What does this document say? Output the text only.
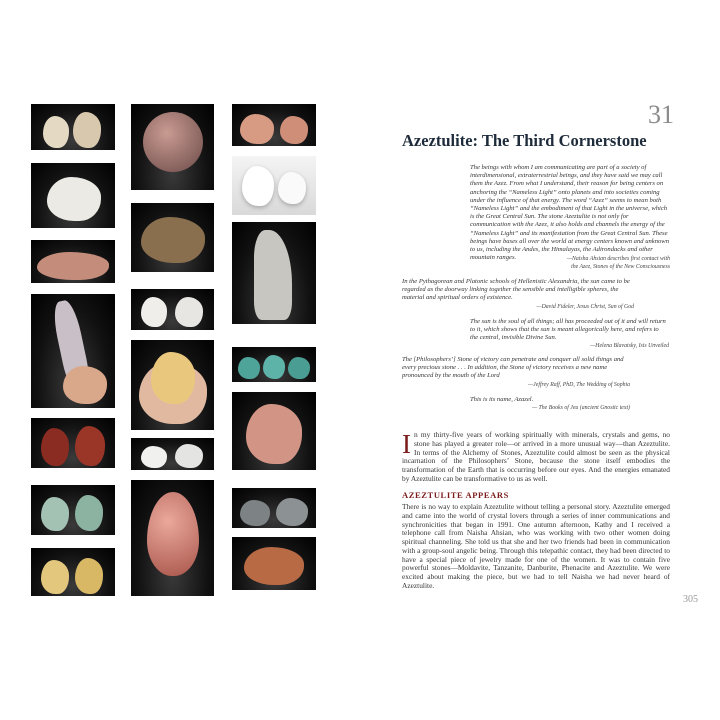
31
Azeztulite: The Third Cornerstone
The beings with whom I am communicating are part of a society of interdimensional, extraterrestrial beings, and they have said we may call them the Azez. From what I understand, their reason for being centers on anchoring the “Nameless Light” onto planets and into societies coming under the influence of that energy. The word “Azez” seems to mean both “Nameless Light” and the embodiment of that Light in the universe, which is the Great Central Sun. The stone Azeztulite is not only for communication with the Azez, it also holds and channels the energy of the “Nameless Light” and its manifestation from the Great Central Sun. These beings have bases all over the world at energy centers known and unknown to us, including the Andes, the Himalayas, the Adirondacks and other mountain ranges.	—Naisha Ahsian describes first contact with
the Azez, Stones of the New Consciousness
In the Pythagorean and Platonic schools of Hellenistic Alexandria, the sun came to be regarded as the doorway linking together the sensible and intelligible spheres, the material and spiritual orders of existence.
—David Fideler, Jesus Christ, Sun of God
The sun is the soul of all things; all has proceeded out of it and will return to it, which shows that the sun is meant allegorically here, and refers to the central, invisible Divine Sun.
—Helena Blavatsky, Isis Unveiled
The [Philosophers’] Stone of victory can penetrate and conquer all solid things and every precious stone . . . In addition, the Stone of victory receives a new name pronounced by the mouth of the Lord
—Jeffrey Raff, PhD, The Wedding of Sophia
This is its name, Azazel.
— The Books of Jeu (ancient Gnostic text)
In my thirty-five years of working spiritually with minerals, crystals and gems, no stone has played a greater role—or arrived in a more unusual way—than Azeztulite. In terms of the Alchemy of Stones, Azeztulite could almost be seen as the physical incarnation of the Philosophers’ Stone, because the stone itself embodies the transformation of the Earth that is occurring before our eyes. And the energies emanated by Azeztulite can be transformative to us as well.
AZEZTULITE APPEARS
There is no way to explain Azeztulite without telling a personal story. Azeztulite emerged and came into the world of crystal lovers through a series of inner communications and synchronicities that began in 1991. One autumn afternoon, Kathy and I received a telephone call from Naisha Ahsian, who was working with two other women doing spiritual channeling. She told us that she and her two friends had been in communication with a group-soul angelic being. Through this telepathic contact, they had been directed to have a special piece of jewelry made for one of the women. It was to contain five powerful stones—Moldavite, Tanzanite, Danburite, Phenacite and Azeztulite. We were excited about making the piece, but we had to tell Naisha we had never heard of Azeztulite.
305
